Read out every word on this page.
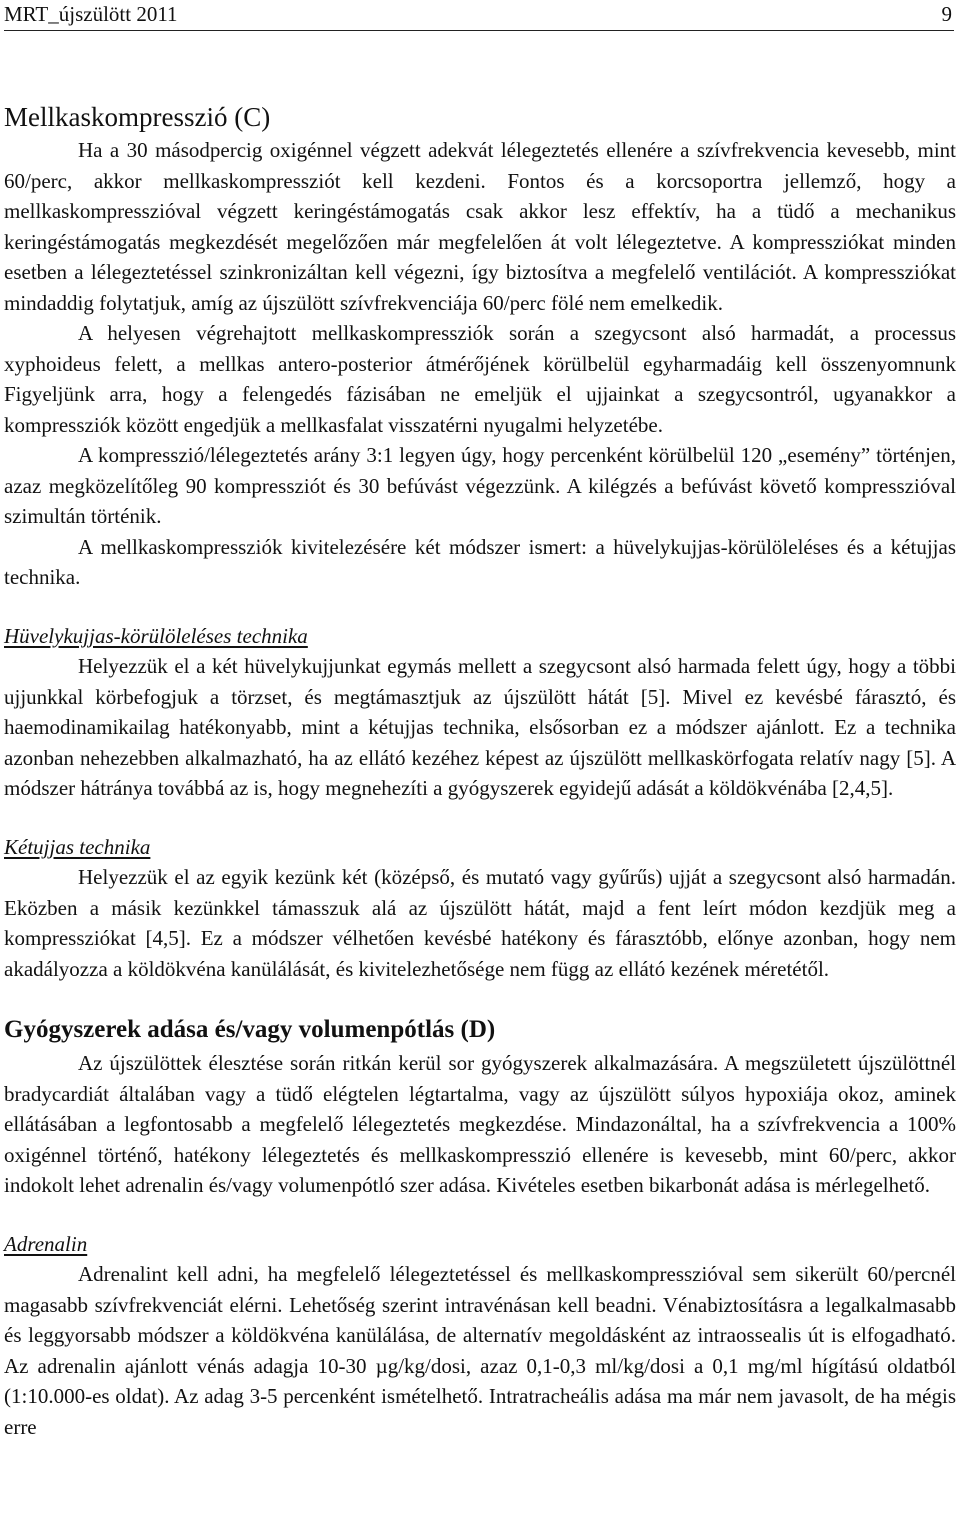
MRT_újszülött 2011	9
Mellkaskompresszió (C)

Ha a 30 másodpercig oxigénnel végzett adekvát lélegeztetés ellenére a szívfrekvencia kevesebb, mint 60/perc, akkor mellkaskompressziót kell kezdeni. Fontos és a korcsoportra jellemző, hogy a mellkaskompresszióval végzett keringéstámogatás csak akkor lesz effektív, ha a tüdő a mechanikus keringéstámogatás megkezdését megelőzően már megfelelően át volt lélegeztetve. A kompressziókat minden esetben a lélegeztetéssel szinkronizáltan kell végezni, így biztosítva a megfelelő ventilációt. A kompressziókat mindaddig folytatjuk, amíg az újszülött szívfrekvenciája 60/perc fölé nem emelkedik.

A helyesen végrehajtott mellkaskompressziók során a szegycsont alsó harmadát, a processus xyphoideus felett, a mellkas antero-posterior átmérőjének körülbelül egyharmadáig kell összenyomnunk Figyeljünk arra, hogy a felengedés fázisában ne emeljük el ujjainkat a szegycsontról, ugyanakkor a kompressziók között engedjük a mellkasfalat visszatérni nyugalmi helyzetébe.

A kompresszió/lélegeztetés arány 3:1 legyen úgy, hogy percenként körülbelül 120 „esemény” történjen, azaz megközelítőleg 90 kompressziót és 30 befúvást végezzünk. A kilégzés a befúvást követő kompresszióval szimultán történik.

A mellkaskompressziók kivitelezésére két módszer ismert: a hüvelykujjas-körülöleléses és a kétujjas technika.

Hüvelykujjas-körülöleléses technika

Helyezzük el a két hüvelykujjunkat egymás mellett a szegycsont alsó harmada felett úgy, hogy a többi ujjunkkal körbefogjuk a törzset, és megtámasztjuk az újszülött hátát [5]. Mivel ez kevésbé fárasztó, és haemodinamikailag hatékonyabb, mint a kétujjas technika, elsősorban ez a módszer ajánlott. Ez a technika azonban nehezebben alkalmazható, ha az ellátó kezéhez képest az újszülött mellkaskörfogata relatív nagy [5]. A módszer hátránya továbbá az is, hogy megnehezíti a gyógyszerek egyidejű adását a köldökvénába [2,4,5].

Kétujjas technika

Helyezzük el az egyik kezünk két (középső, és mutató vagy gyűrűs) ujját a szegycsont alsó harmadán. Eközben a másik kezünkkel támasszuk alá az újszülött hátát, majd a fent leírt módon kezdjük meg a kompressziókat [4,5]. Ez a módszer vélhetően kevésbé hatékony és fárasztóbb, előnye azonban, hogy nem akadályozza a köldökvéna kanülálását, és kivitelezhetősége nem függ az ellátó kezének méretétől.

Gyógyszerek adása és/vagy volumenpótlás (D)

Az újszülöttek élesztése során ritkán kerül sor gyógyszerek alkalmazására. A megszületett újszülöttnél bradycardiát általában vagy a tüdő elégtelen légtartalma, vagy az újszülött súlyos hypoxiája okoz, aminek ellátásában a legfontosabb a megfelelő lélegeztetés megkezdése. Mindazonáltal, ha a szívfrekvencia a 100% oxigénnel történő, hatékony lélegeztetés és mellkaskompresszió ellenére is kevesebb, mint 60/perc, akkor indokolt lehet adrenalin és/vagy volumenpótló szer adása. Kivételes esetben bikarbonát adása is mérlegelhető.

Adrenalin

Adrenalint kell adni, ha megfelelő lélegeztetéssel és mellkaskompresszióval sem sikerült 60/percnél magasabb szívfrekvenciát elérni. Lehetőség szerint intravénásan kell beadni. Vénabiztosításra a legalkalmasabb és leggyorsabb módszer a köldökvéna kanülálása, de alternatív megoldásként az intraossealis út is elfogadható. Az adrenalin ajánlott vénás adagja 10-30 µg/kg/dosi, azaz 0,1-0,3 ml/kg/dosi a 0,1 mg/ml hígítású oldatból (1:10.000-es oldat). Az adag 3-5 percenként ismételhető. Intratracheális adása ma már nem javasolt, de ha mégis erre
